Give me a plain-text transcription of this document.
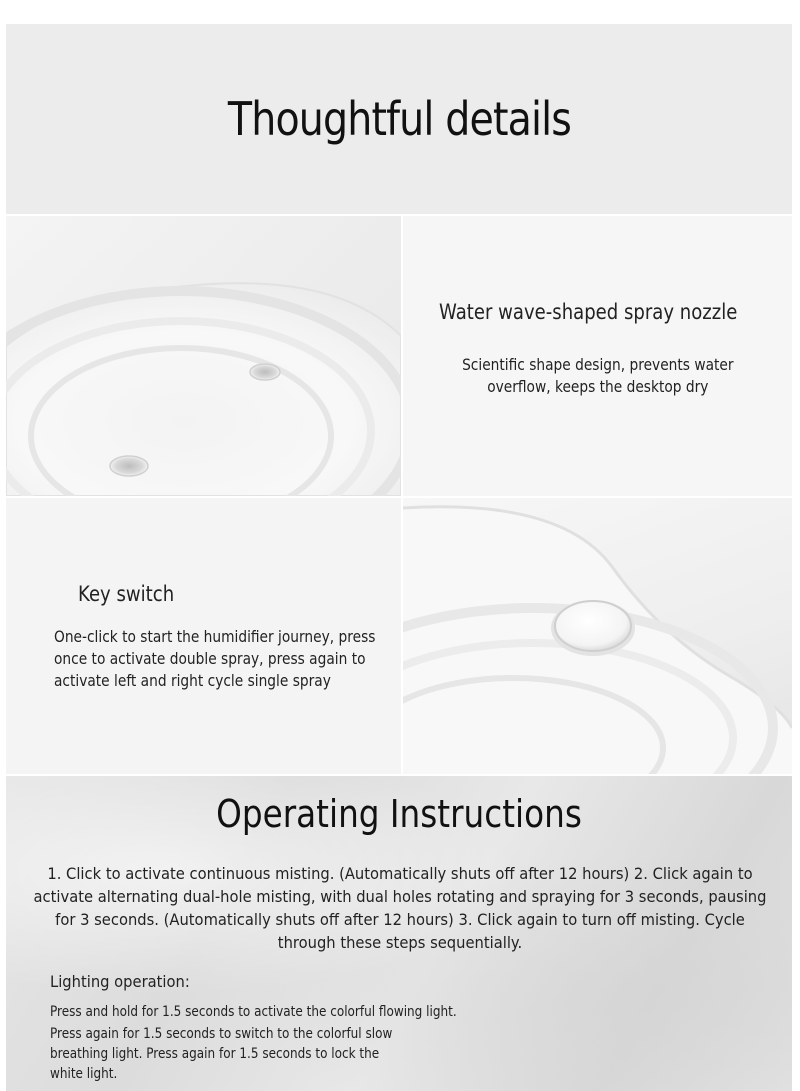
Thoughtful details
Water wave-shaped spray nozzle
Scientific shape design, prevents water overflow, keeps the desktop dry
Key switch
One-click to start the humidifier journey, press once to activate double spray, press again to activate left and right cycle single spray
Operating Instructions
1. Click to activate continuous misting. (Automatically shuts off after 12 hours) 2. Click again to activate alternating dual-hole misting, with dual holes rotating and spraying for 3 seconds, pausing for 3 seconds. (Automatically shuts off after 12 hours) 3. Click again to turn off misting. Cycle through these steps sequentially.
Lighting operation:
Press and hold for 1.5 seconds to activate the colorful flowing light.
Press again for 1.5 seconds to switch to the colorful slow breathing light. Press again for 1.5 seconds to lock the white light.
